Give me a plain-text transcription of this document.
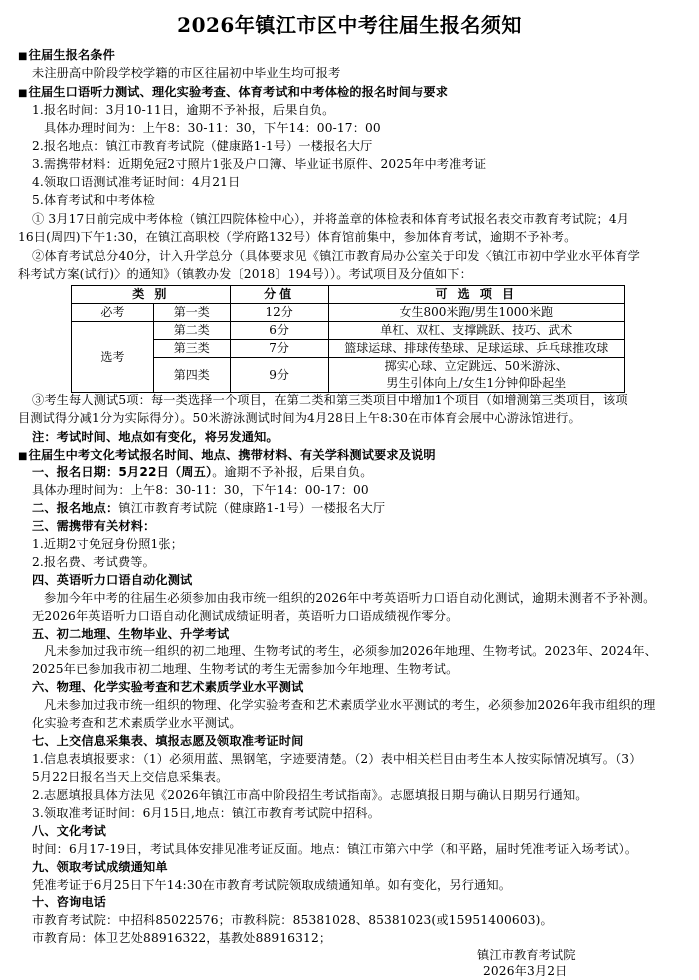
2026年镇江市区中考往届生报名须知
■ 往届生报名条件
未注册高中阶段学校学籍的市区往届初中毕业生均可报考
■ 往届生口语听力测试、理化实验考查、体育考试和中考体检的报名时间与要求
1.报名时间：3月10-11日，逾期不予补报，后果自负。
具体办理时间为：上午8：30-11：30，下午14：00-17：00
2.报名地点：镇江市教育考试院（健康路1-1号）一楼报名大厅
3.需携带材料：近期免冠2寸照片1张及户口簿、毕业证书原件、2025年中考准考证
4.领取口语测试准考证时间：4月21日
5.体育考试和中考体检
① 3月17日前完成中考体检（镇江四院体检中心），并将盖章的体检表和体育考试报名表交市教育考试院；4月
16日(周四)下午1:30，在镇江高职校（学府路132号）体育馆前集中，参加体育考试，逾期不予补考。
②体育考试总分40分，计入升学总分（具体要求见《镇江市教育局办公室关于印发〈镇江市初中学业水平体育学
科考试方案(试行)〉的通知》（镇教办发〔2018〕194号））。考试项目及分值如下：
类 别		分值	可 选 项 目
必考	第一类	12分	女生800米跑/男生1000米跑
选考	第二类	6分	单杠、双杠、支撑跳跃、技巧、武术
	第三类	7分	篮球运球、排球传垫球、足球运球、乒乓球推攻球
	第四类	9分	掷实心球、立定跳远、50米游泳、
男生引体向上/女生1分钟仰卧起坐
③考生每人测试5项：每一类选择一个项目，在第二类和第三类项目中增加1个项目（如增测第三类项目，该项
目测试得分减1分为实际得分）。50米游泳测试时间为4月28日上午8:30在市体育会展中心游泳馆进行。
注：考试时间、地点如有变化，将另发通知。
■ 往届生中考文化考试报名时间、地点、携带材料、有关学科测试要求及说明
一、报名日期：5月22日（周五）。逾期不予补报，后果自负。
具体办理时间为：上午8：30-11：30，下午14：00-17：00
二、报名地点：镇江市教育考试院（健康路1-1号）一楼报名大厅
三、需携带有关材料：
1.近期2寸免冠身份照1张；
2.报名费、考试费等。
四、英语听力口语自动化测试
参加今年中考的往届生必须参加由我市统一组织的2026年中考英语听力口语自动化测试，逾期未测者不予补测。
无2026年英语听力口语自动化测试成绩证明者，英语听力口语成绩视作零分。
五、初二地理、生物毕业、升学考试
凡未参加过我市统一组织的初二地理、生物考试的考生，必须参加2026年地理、生物考试。2023年、2024年、
2025年已参加我市初二地理、生物考试的考生无需参加今年地理、生物考试。
六、物理、化学实验考查和艺术素质学业水平测试
凡未参加过我市统一组织的物理、化学实验考查和艺术素质学业水平测试的考生，必须参加2026年我市组织的理
化实验考查和艺术素质学业水平测试。
七、上交信息采集表、填报志愿及领取准考证时间
1.信息表填报要求：（1）必须用蓝、黑钢笔，字迹要清楚。（2）表中相关栏目由考生本人按实际情况填写。（3）
5月22日报名当天上交信息采集表。
2.志愿填报具体方法见《2026年镇江市高中阶段招生考试指南》。志愿填报日期与确认日期另行通知。
3.领取准考证时间：6月15日,地点：镇江市教育考试院中招科。
八、文化考试
时间：6月17-19日，考试具体安排见准考证反面。地点：镇江市第六中学（和平路，届时凭准考证入场考试）。
九、领取考试成绩通知单
凭准考证于6月25日下午14:30在市教育考试院领取成绩通知单。如有变化，另行通知。
十、咨询电话
市教育考试院：中招科85022576；市教科院：85381028、85381023(或15951400603)。
市教育局：体卫艺处88916322，基教处88916312；
镇江市教育考试院
2026年3月2日
